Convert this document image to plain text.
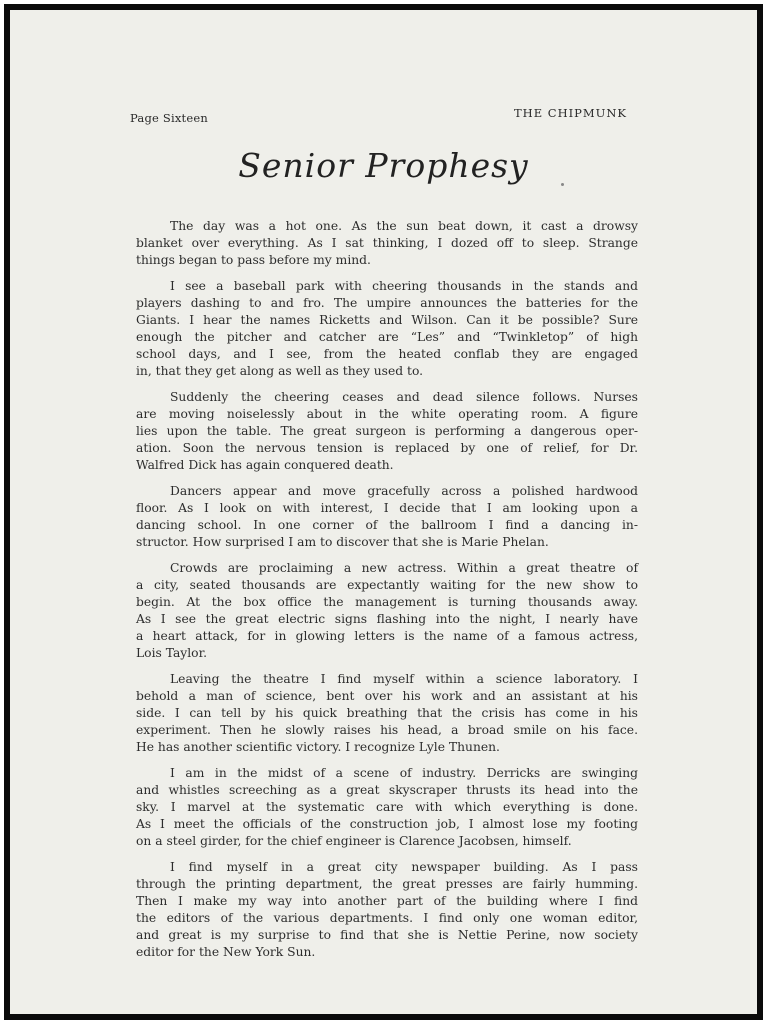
Page Sixteen	THE CHIPMUNK
Senior Prophesy
The day was a hot one. As the sun beat down, it cast a drowsy
blanket over everything. As I sat thinking, I dozed off to sleep. Strange
things began to pass before my mind.
I see a baseball park with cheering thousands in the stands and
players dashing to and fro. The umpire announces the batteries for the
Giants. I hear the names Ricketts and Wilson. Can it be possible? Sure
enough the pitcher and catcher are “Les” and “Twinkletop” of high
school days, and I see, from the heated conflab they are engaged
in, that they get along as well as they used to.
Suddenly the cheering ceases and dead silence follows. Nurses
are moving noiselessly about in the white operating room. A figure
lies upon the table. The great surgeon is performing a dangerous oper-
ation. Soon the nervous tension is replaced by one of relief, for Dr.
Walfred Dick has again conquered death.
Dancers appear and move gracefully across a polished hardwood
floor. As I look on with interest, I decide that I am looking upon a
dancing school. In one corner of the ballroom I find a dancing in-
structor. How surprised I am to discover that she is Marie Phelan.
Crowds are proclaiming a new actress. Within a great theatre of
a city, seated thousands are expectantly waiting for the new show to
begin. At the box office the management is turning thousands away.
As I see the great electric signs flashing into the night, I nearly have
a heart attack, for in glowing letters is the name of a famous actress,
Lois Taylor.
Leaving the theatre I find myself within a science laboratory. I
behold a man of science, bent over his work and an assistant at his
side. I can tell by his quick breathing that the crisis has come in his
experiment. Then he slowly raises his head, a broad smile on his face.
He has another scientific victory. I recognize Lyle Thunen.
I am in the midst of a scene of industry. Derricks are swinging
and whistles screeching as a great skyscraper thrusts its head into the
sky. I marvel at the systematic care with which everything is done.
As I meet the officials of the construction job, I almost lose my footing
on a steel girder, for the chief engineer is Clarence Jacobsen, himself.
I find myself in a great city newspaper building. As I pass
through the printing department, the great presses are fairly humming.
Then I make my way into another part of the building where I find
the editors of the various departments. I find only one woman editor,
and great is my surprise to find that she is Nettie Perine, now society
editor for the New York Sun.
